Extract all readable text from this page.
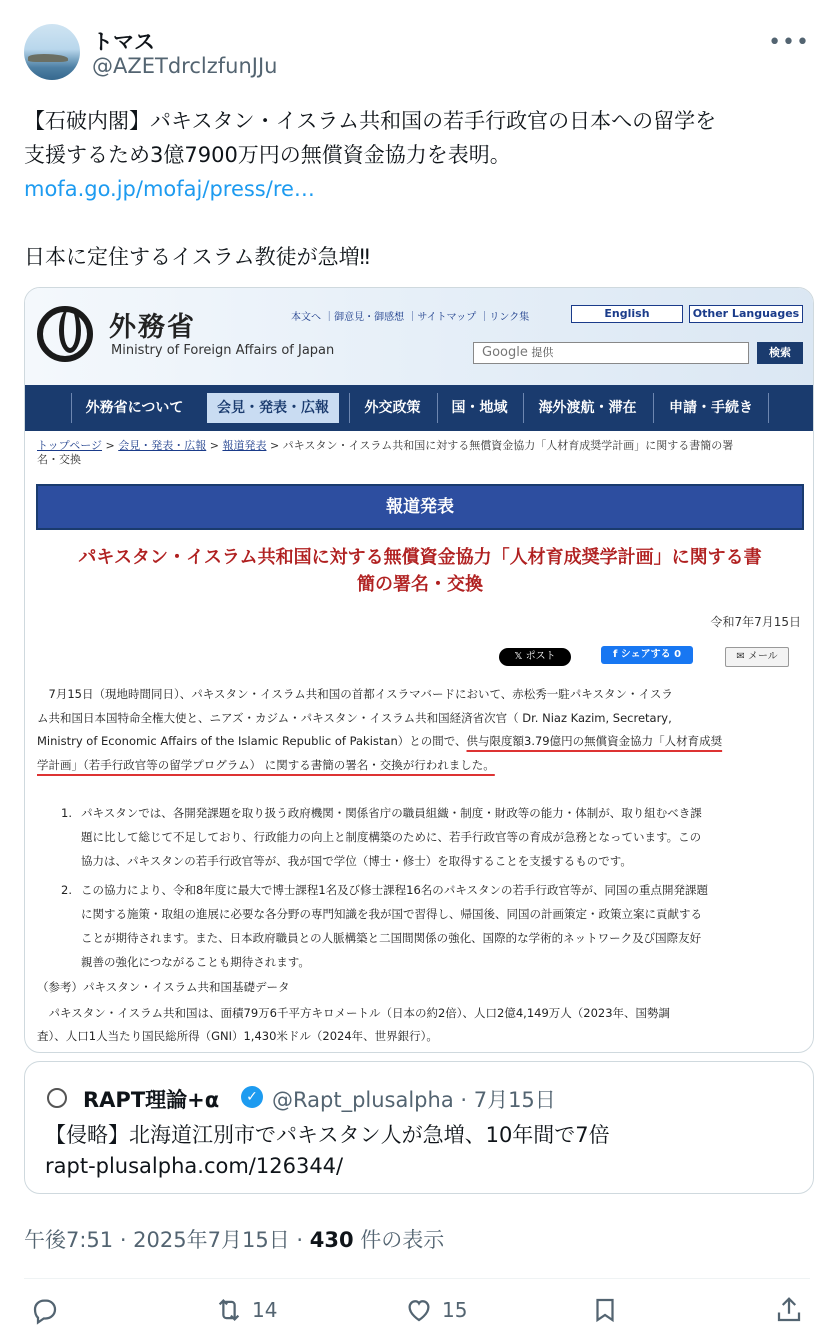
トマス
@AZETdrclzfunJJu
•••
【石破内閣】パキスタン・イスラム共和国の若手行政官の日本への留学を
支援するため3億7900万円の無償資金協力を表明。
mofa.go.jp/mofaj/press/re…

日本に定住するイスラム教徒が急増‼
外務省
Ministry of Foreign Affairs of Japan
本文へ ｜御意見・御感想 ｜サイトマップ ｜リンク集	English	Other Languages
Google 提供	検索
外務省について	会見・発表・広報	外交政策	国・地域	海外渡航・滞在	申請・手続き
トップページ > 会見・発表・広報 > 報道発表 > パキスタン・イスラム共和国に対する無償資金協力「人材育成奨学計画」に関する書簡の署
名・交換
報道発表
パキスタン・イスラム共和国に対する無償資金協力「人材育成奨学計画」に関する書
簡の署名・交換
令和7年7月15日
𝕏 ポスト	f シェアする 0	✉ メール
　7月15日（現地時間同日）、パキスタン・イスラム共和国の首都イスラマバードにおいて、赤松秀一駐パキスタン・イスラ
ム共和国日本国特命全権大使と、ニアズ・カジム・パキスタン・イスラム共和国経済省次官（ Dr. Niaz Kazim, Secretary,
Ministry of Economic Affairs of the Islamic Republic of Pakistan）との間で、供与限度額3.79億円の無償資金協力「人材育成奨
学計画」（若手行政官等の留学プログラム） に関する書簡の署名・交換が行われました。
1. パキスタンでは、各開発課題を取り扱う政府機関・関係省庁の職員組織・制度・財政等の能力・体制が、取り組むべき課
題に比して総じて不足しており、行政能力の向上と制度構築のために、若手行政官等の育成が急務となっています。この
協力は、パキスタンの若手行政官等が、我が国で学位（博士・修士）を取得することを支援するものです。
2. この協力により、令和8年度に最大で博士課程1名及び修士課程16名のパキスタンの若手行政官等が、同国の重点開発課題
に関する施策・取組の進展に必要な各分野の専門知識を我が国で習得し、帰国後、同国の計画策定・政策立案に貢献する
ことが期待されます。また、日本政府職員との人脈構築と二国間関係の強化、国際的な学術的ネットワーク及び国際友好
親善の強化につながることも期待されます。
（参考）パキスタン・イスラム共和国基礎データ
　パキスタン・イスラム共和国は、面積79万6千平方キロメートル（日本の約2倍）、人口2億4,149万人（2023年、国勢調
査）、人口1人当たり国民総所得（GNI）1,430米ドル（2024年、世界銀行）。
RAPT理論+α	✓ @Rapt_plusalpha · 7月15日
【侵略】北海道江別市でパキスタン人が急増、10年間で7倍
rapt-plusalpha.com/126344/
午後7:51 · 2025年7月15日 · 430 件の表示
14	15
